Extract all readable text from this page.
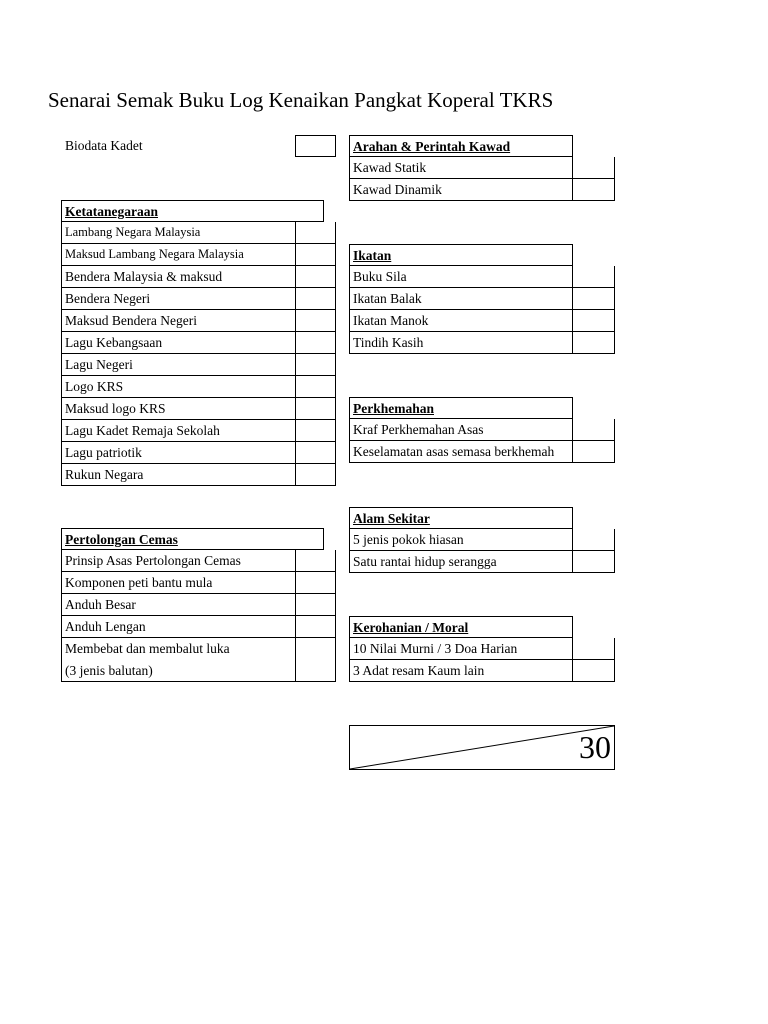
Senarai Semak Buku Log Kenaikan Pangkat Koperal TKRS
Biodata Kadet
Ketatanegaraan
Lambang Negara Malaysia
Maksud Lambang Negara Malaysia
Bendera Malaysia & maksud
Bendera Negeri
Maksud Bendera Negeri
Lagu Kebangsaan
Lagu Negeri
Logo KRS
Maksud logo KRS
Lagu Kadet Remaja Sekolah
Lagu patriotik
Rukun Negara
Pertolongan Cemas
Prinsip Asas Pertolongan Cemas
Komponen peti bantu mula
Anduh Besar
Anduh Lengan
Membebat dan membalut luka
(3 jenis balutan)
Arahan & Perintah Kawad
Kawad Statik
Kawad Dinamik
Ikatan
Buku Sila
Ikatan Balak
Ikatan Manok
Tindih Kasih
Perkhemahan
Kraf Perkhemahan Asas
Keselamatan asas semasa berkhemah
Alam Sekitar
5 jenis pokok hiasan
Satu rantai hidup serangga
Kerohanian / Moral
10 Nilai Murni / 3 Doa Harian
3 Adat resam Kaum lain
30
